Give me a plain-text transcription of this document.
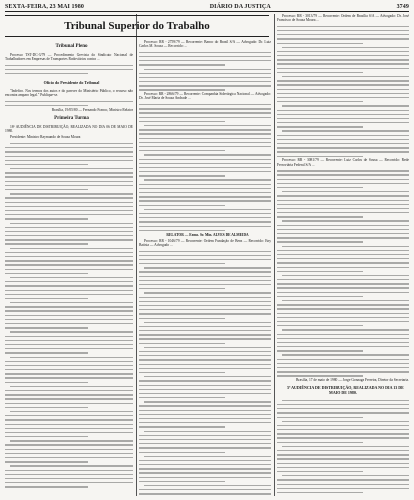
SEXTA-FEIRA, 23 MAI 1980	DIÁRIO DA JUSTIÇA	3749
Tribunal Superior do Trabalho

Tribunal Pleno

Processo TST-DC-3/79 — Procedimento Grevista do Sindicato Nacional de Trabalhadores em Empresas de Transportes Rodoviários contra ...

Ofício do Presidente do Tribunal

"Indefiro. Nos termos dos autos e do parecer do Ministério Público, o recurso não encontra amparo legal." Publique-se.

Brasília, 19/05/80 — Fernando Franco, Ministro Relator

Primeira Turma

18ª AUDIÊNCIA DE DISTRIBUIÇÃO, REALIZADA NO DIA 06 DE MAIO DE 1980.

Presidente: Ministro Raymundo de Souza Moura

Processo: RR - 2759/79 — Recorrente: Banco do Brasil S/A — Advogado: Dr. Luiz Carlos M. Sousa — Recorrido: ...

Processo: RR - 2866/79 — Recorrente: Companhia Siderúrgica Nacional — Advogado: Dr. José Maria de Souza Andrade ...

RELATOR — Exmo. Sr. Min. ALVES DE ALMEIDA

Processo: RR - 1046/79 — Recorrente: Ordem Fundação de Bens — Recorrido: Eny Batista — Advogado ...

Processo: RR - 3013/79 — Recorrente: Ordem de Brasília S/A — Advogado: Dr. José Francisco de Souza Moura ...

Processo: RR - 3081/79 — Recorrente: Luiz Carlos de Sousa — Recorrido: Rede Ferroviária Federal S/A ...

Brasília, 17 de maio de 1980 — Jorge Gonzaga Ferreira, Diretor da Secretaria.

5ª AUDIÊNCIA DE DISTRIBUIÇÃO, REALIZADA NO DIA 13 DE MAIO DE 1980.
